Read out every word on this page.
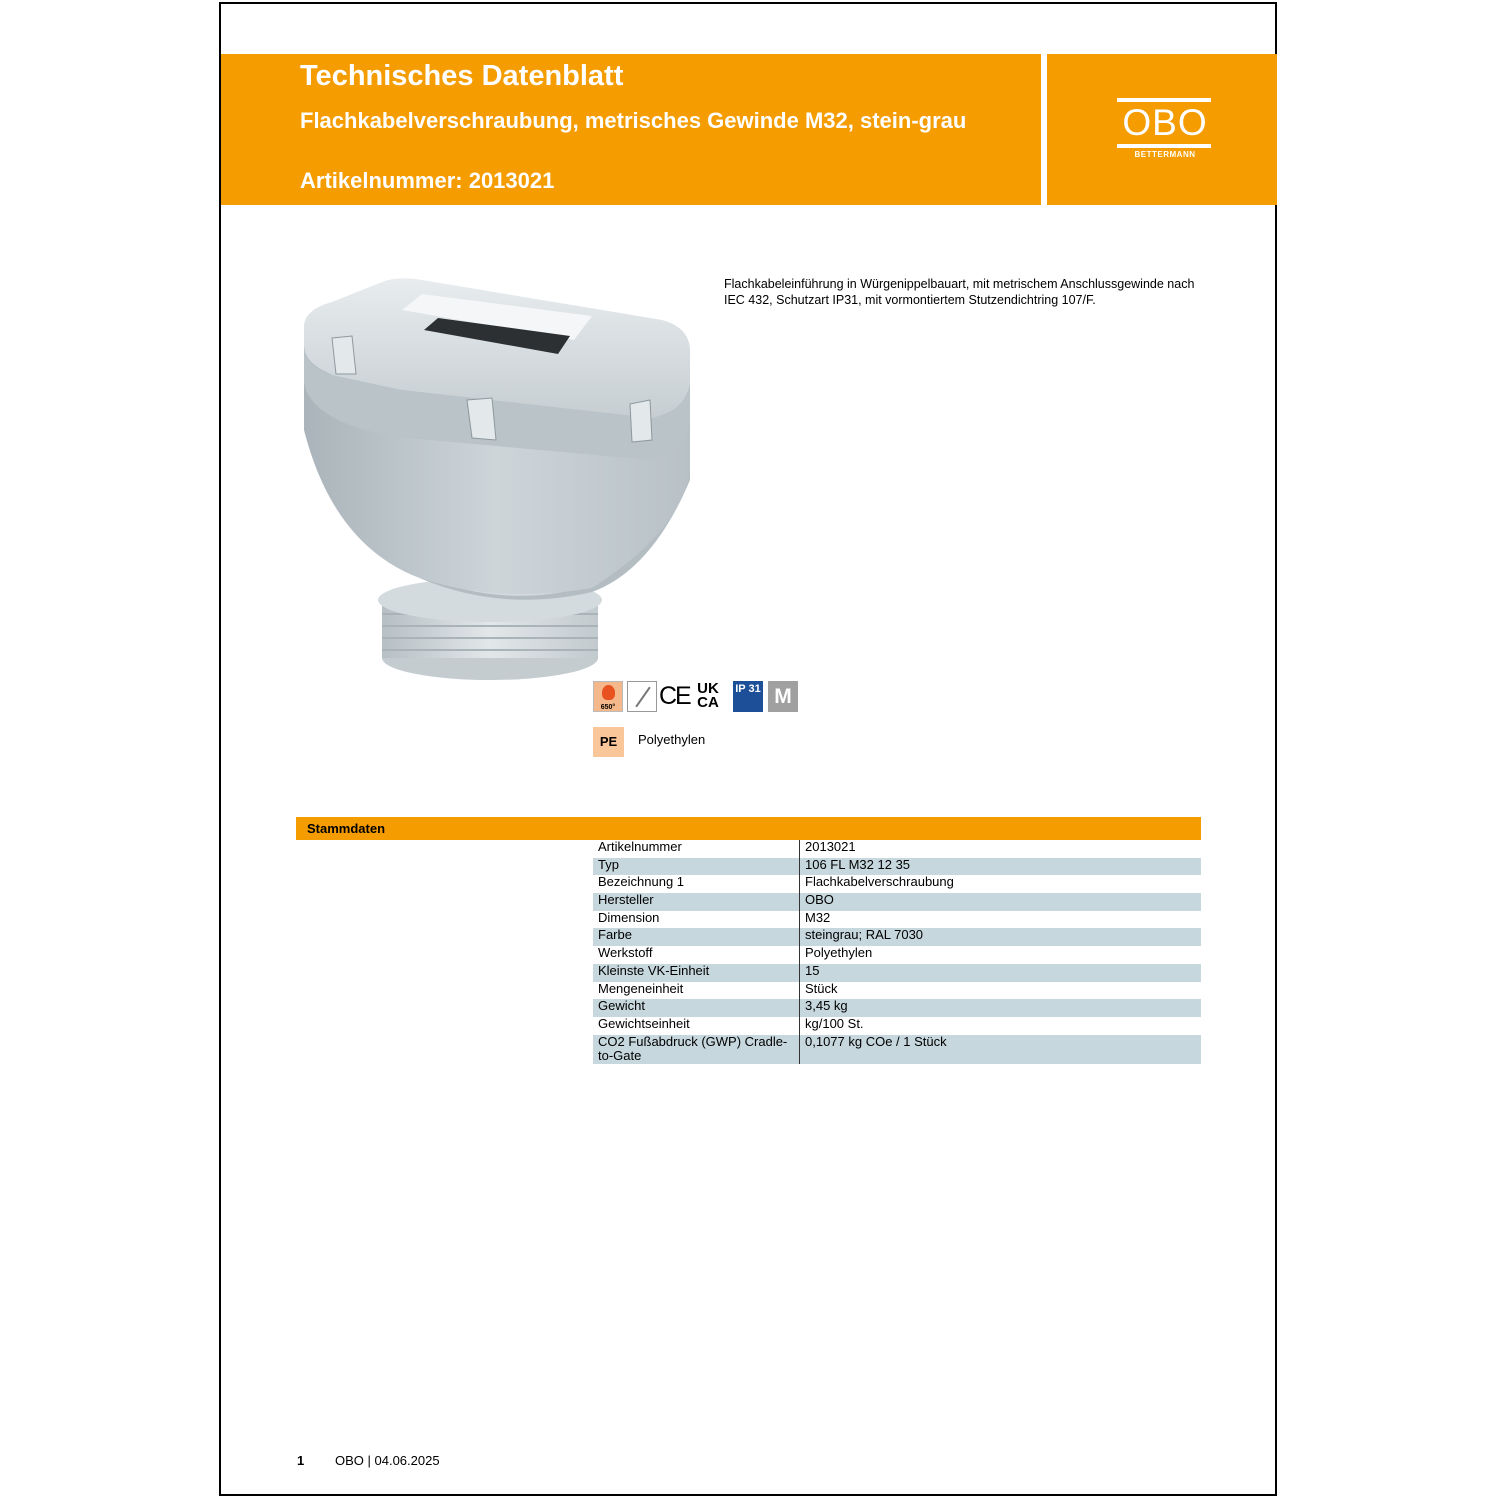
Technisches Datenblatt
Flachkabelverschraubung, metrisches Gewinde M32, stein-grau
Artikelnummer: 2013021
OBO
BETTERMANN
Flachkabeleinführung in Würgenippelbauart, mit metrischem Anschlussgewinde nach IEC 432, Schutzart IP31, mit vormontiertem Stutzendichtring 107/F.
650° CE UK CA
IP 31 M
PE	Polyethylen
Stammdaten
Artikelnummer	2013021
Typ	106 FL M32 12 35
Bezeichnung 1	Flachkabelverschraubung
Hersteller	OBO
Dimension	M32
Farbe	steingrau; RAL 7030
Werkstoff	Polyethylen
Kleinste VK-Einheit	15
Mengeneinheit	Stück
Gewicht	3,45 kg
Gewichtseinheit	kg/100 St.
CO2 Fußabdruck (GWP) Cradle-to-Gate	0,1077 kg COe / 1 Stück
1 OBO | 04.06.2025
